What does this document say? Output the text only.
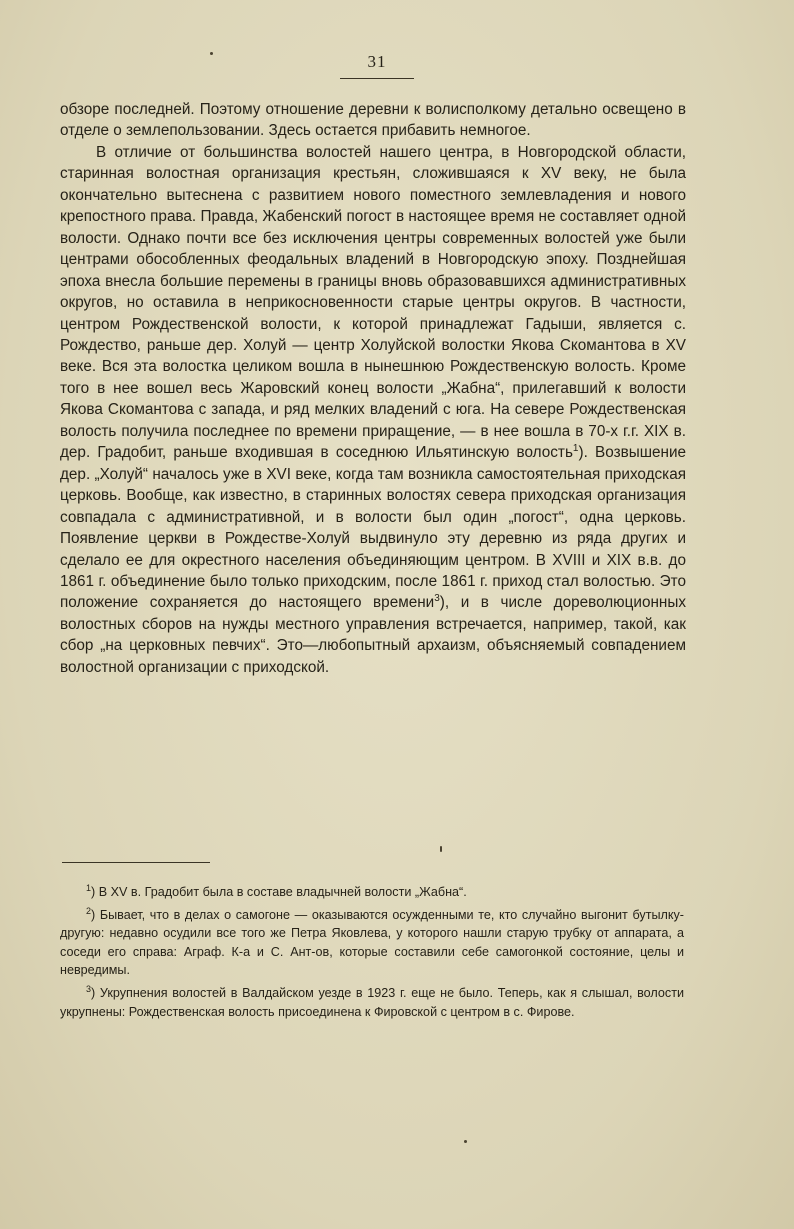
31

обзоре последней. Поэтому отношение деревни к волисполкому детально освещено в отделе о землепользовании. Здесь остается прибавить немногое.

В отличие от большинства волостей нашего центра, в Новгородской области, старинная волостная организация крестьян, сложившаяся к XV веку, не была окончательно вытеснена с развитием нового поместного землевладения и нового крепостного права. Правда, Жабенский погост в настоящее время не составляет одной волости. Однако почти все без исключения центры современных волостей уже были центрами обособленных феодальных владений в Новгородскую эпоху. Позднейшая эпоха внесла большие перемены в границы вновь образовавшихся административных округов, но оставила в неприкосновенности старые центры округов. В частности, центром Рождественской волости, к которой принадлежат Гадыши, является с. Рождество, раньше дер. Холуй — центр Холуйской волостки Якова Скомантова в XV веке. Вся эта волостка целиком вошла в нынешнюю Рождественскую волость. Кроме того в нее вошел весь Жаровский конец волости „Жабна“, прилегавший к волости Якова Скомантова с запада, и ряд мелких владений с юга. На севере Рождественская волость получила последнее по времени приращение, — в нее вошла в 70-х г.г. XIX в. дер. Градобит, раньше входившая в соседнюю Ильятинскую волость$^1$). Возвышение дер. „Холуй“ началось уже в XVI веке, когда там возникла самостоятельная приходская церковь. Вообще, как известно, в старинных волостях севера приходская организация совпадала с административной, и в волости был один „погост“, одна церковь. Появление церкви в Рождестве-Холуй выдвинуло эту деревню из ряда других и сделало ее для окрестного населения объединяющим центром. В XVIII и XIX в.в. до 1861 г. объединение было только приходским, после 1861 г. приход стал волостью. Это положение сохраняется до настоящего времени$^3$), и в числе дореволюционных волостных сборов на нужды местного управления встречается, например, такой, как сбор „на церковных певчих“. Это—любопытный архаизм, объясняемый совпадением волостной организации с приходской.

$^1$) В XV в. Градобит была в составе владычней волости „Жабна“.

$^2$) Бывает, что в делах о самогоне — оказываются осужденными те, кто случайно выгонит бутылку-другую: недавно осудили все того же Петра Яковлева, у которого нашли старую трубку от аппарата, а соседи его справа: Аграф. К-а и С. Ант-ов, которые составили себе самогонкой состояние, целы и невредимы.

$^3$) Укрупнения волостей в Валдайском уезде в 1923 г. еще не было. Теперь, как я слышал, волости укрупнены: Рождественская волость присоединена к Фировской с центром в с. Фирове.
